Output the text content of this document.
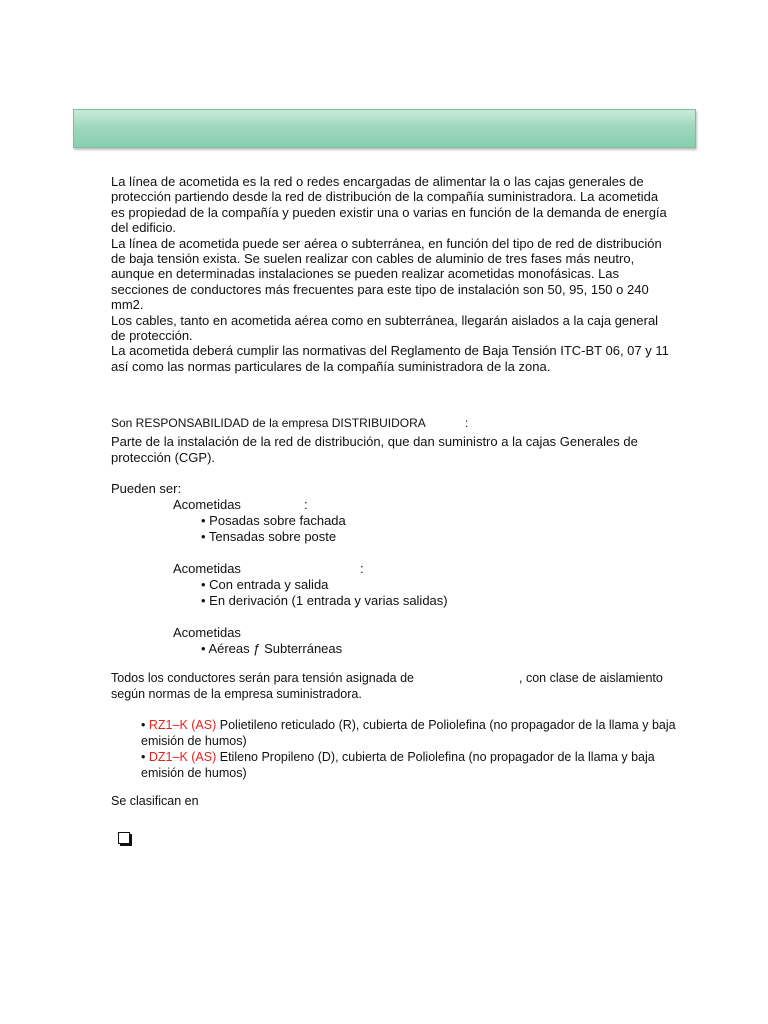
La línea de acometida es la red o redes encargadas de alimentar la o las cajas generales de protección partiendo desde la red de distribución de la compañía suministradora. La acometida es propiedad de la compañía y pueden existir una o varias en función de la demanda de energía del edificio.

La línea de acometida puede ser aérea o subterránea, en función del tipo de red de distribución de baja tensión exista. Se suelen realizar con cables de aluminio de tres fases más neutro, aunque en determinadas instalaciones se pueden realizar acometidas monofásicas. Las secciones de conductores más frecuentes para este tipo de instalación son 50, 95, 150 o 240 mm2.

Los cables, tanto en acometida aérea como en subterránea, llegarán aislados a la caja general de protección.

La acometida deberá cumplir las normativas del Reglamento de Baja Tensión ITC-BT 06, 07 y 11 así como las normas particulares de la compañía suministradora de la zona.

Son RESPONSABILIDAD de la empresa DISTRIBUIDORA	:
Parte de la instalación de la red de distribución, que dan suministro a la cajas Generales de protección (CGP).
Pueden ser:
Acometidas	:
• Posadas sobre fachada
• Tensadas sobre poste
Acometidas	:
• Con entrada y salida
• En derivación (1 entrada y varias salidas)
Acometidas
• Aéreas ƒ Subterráneas
Todos los conductores serán para tensión asignada de	, con clase de aislamiento

según normas de la empresa suministradora.
• RZ1–K (AS) Polietileno reticulado (R), cubierta de Poliolefina (no propagador de la llama y baja emisión de humos)
• DZ1–K (AS) Etileno Propileno (D), cubierta de Poliolefina (no propagador de la llama y baja emisión de humos)
Se clasifican en
